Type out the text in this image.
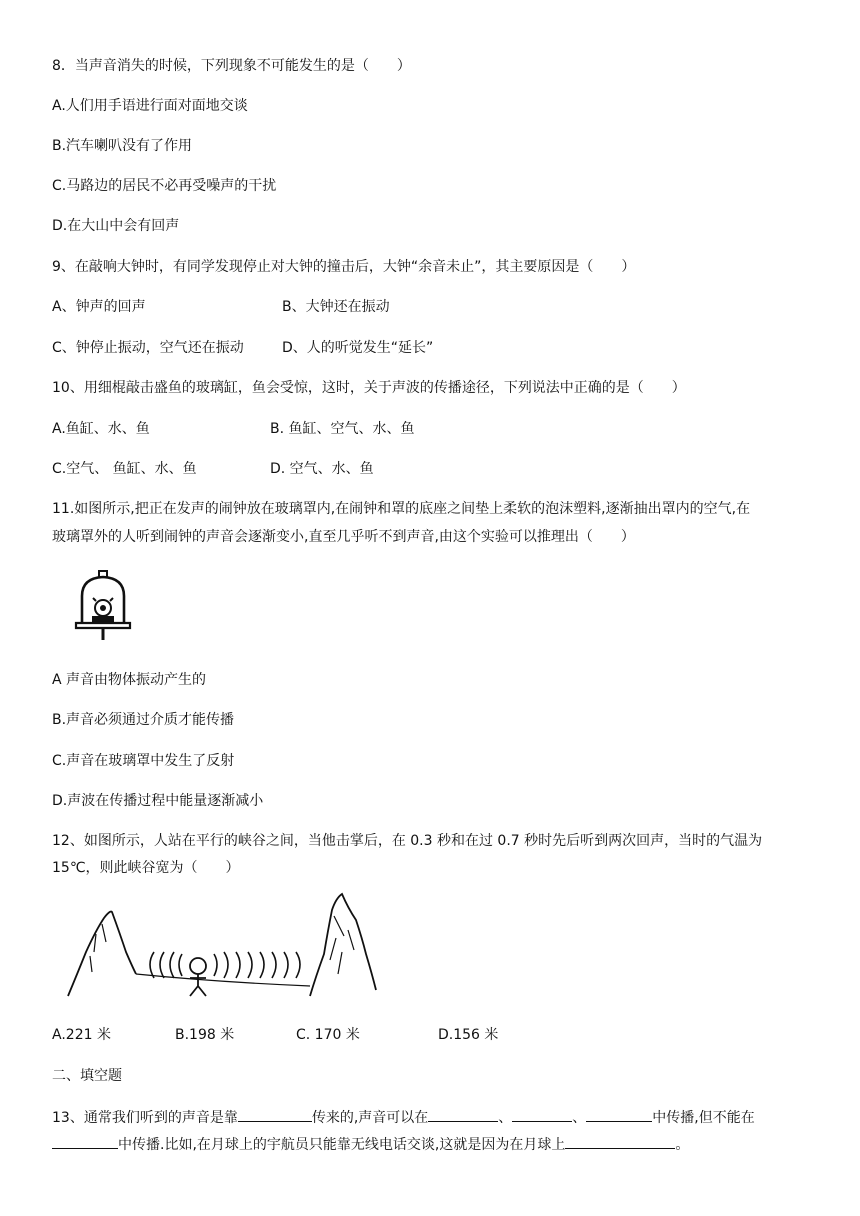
8．当声音消失的时候，下列现象不可能发生的是（　　）
A.人们用手语进行面对面地交谈
B.汽车喇叭没有了作用
C.马路边的居民不必再受噪声的干扰
D.在大山中会有回声
9、在敲响大钟时，有同学发现停止对大钟的撞击后，大钟“余音未止”，其主要原因是（　　）
A、钟声的回声	B、大钟还在振动
C、钟停止振动，空气还在振动	D、人的听觉发生“延长”
10、用细棍敲击盛鱼的玻璃缸，鱼会受惊，这时，关于声波的传播途径，下列说法中正确的是（　　）
A.鱼缸、水、鱼	B. 鱼缸、空气、水、鱼
C.空气、 鱼缸、水、鱼	D. 空气、水、鱼
11.如图所示,把正在发声的闹钟放在玻璃罩内,在闹钟和罩的底座之间垫上柔软的泡沫塑料,逐渐抽出罩内的空气,在
玻璃罩外的人听到闹钟的声音会逐渐变小,直至几乎听不到声音,由这个实验可以推理出（　　）
A 声音由物体振动产生的
B.声音必须通过介质才能传播
C.声音在玻璃罩中发生了反射
D.声波在传播过程中能量逐渐减小
12、如图所示，人站在平行的峡谷之间，当他击掌后，在 0.3 秒和在过 0.7 秒时先后听到两次回声，当时的气温为
15℃，则此峡谷宽为（　　）
A.221 米	B.198 米	C. 170 米	D.156 米
二、填空题
13、通常我们听到的声音是靠	传来的,声音可以在	、	、	中传播,但不能在
中传播.比如,在月球上的宇航员只能靠无线电话交谈,这就是因为在月球上	。
